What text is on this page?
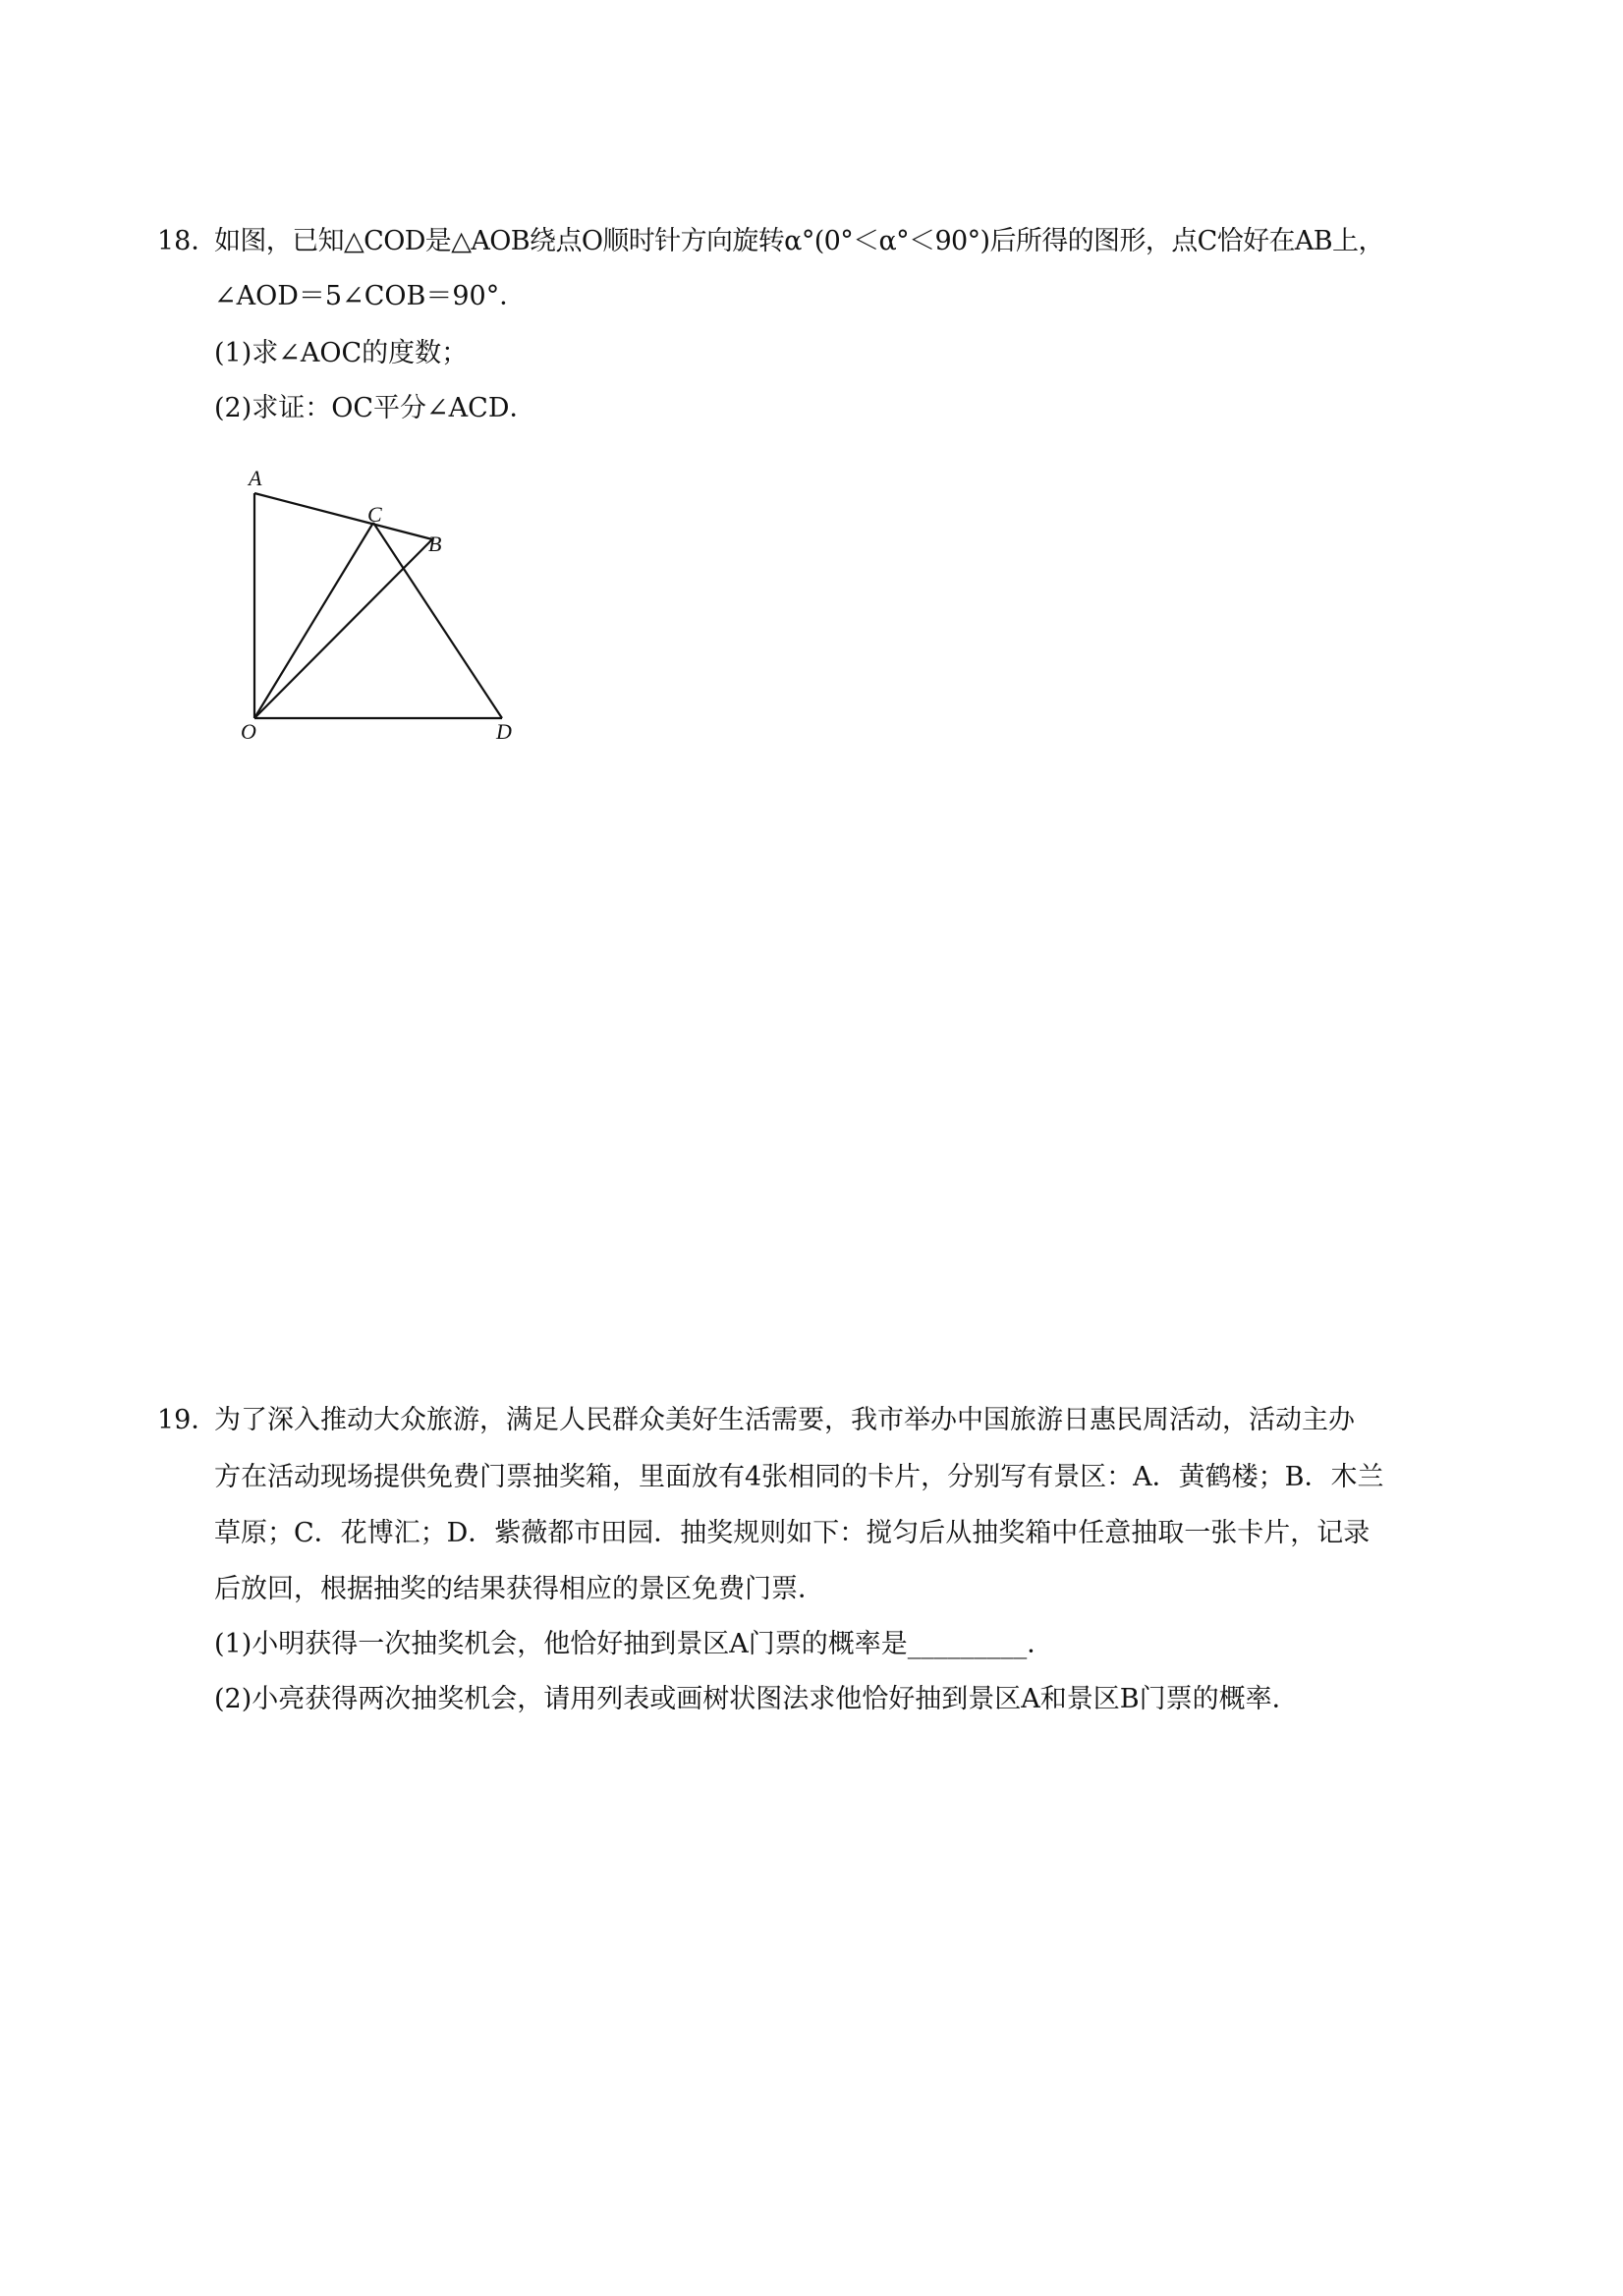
18．
如图，已知△COD是△AOB绕点O顺时针方向旋转α°(0°＜α°＜90°)后所得的图形，点C恰好在AB上，
∠AOD＝5∠COB＝90°．
(1)求∠AOC的度数；
(2)求证：OC平分∠ACD．
A
C
B
O	D
19．
为了深入推动大众旅游，满足人民群众美好生活需要，我市举办中国旅游日惠民周活动，活动主办
方在活动现场提供免费门票抽奖箱，里面放有4张相同的卡片，分别写有景区：A．黄鹤楼；B．木兰
草原；C．花博汇；D．紫薇都市田园．抽奖规则如下：搅匀后从抽奖箱中任意抽取一张卡片，记录
后放回，根据抽奖的结果获得相应的景区免费门票．
(1)小明获得一次抽奖机会，他恰好抽到景区A门票的概率是_________．
(2)小亮获得两次抽奖机会，请用列表或画树状图法求他恰好抽到景区A和景区B门票的概率．
